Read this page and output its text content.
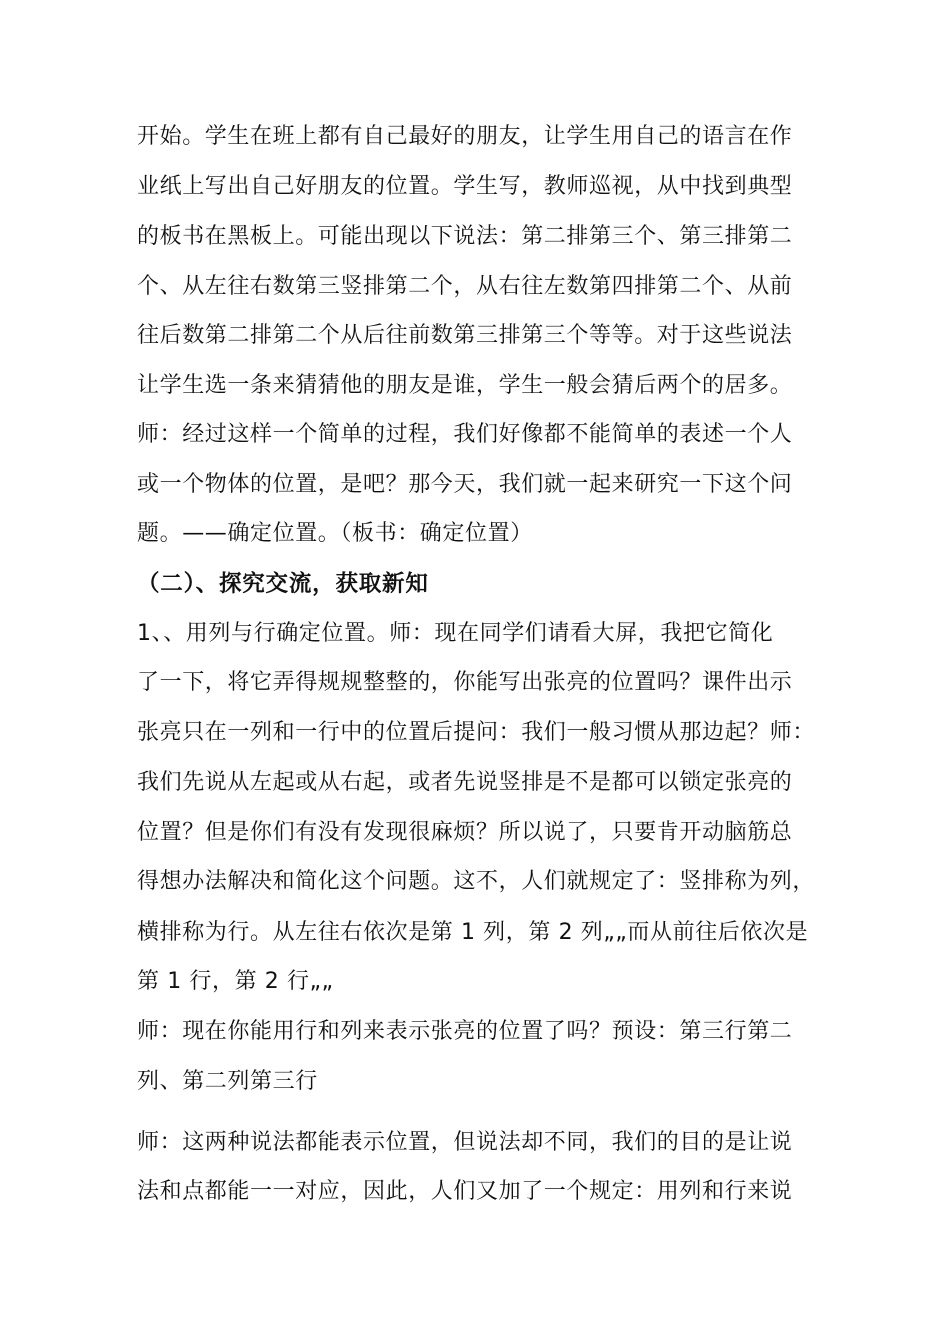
开始。学生在班上都有自己最好的朋友，让学生用自己的语言在作
业纸上写出自己好朋友的位置。学生写，教师巡视，从中找到典型
的板书在黑板上。可能出现以下说法：第二排第三个、第三排第二
个、从左往右数第三竖排第二个，从右往左数第四排第二个、从前
往后数第二排第二个从后往前数第三排第三个等等。对于这些说法
让学生选一条来猜猜他的朋友是谁，学生一般会猜后两个的居多。
师：经过这样一个简单的过程，我们好像都不能简单的表述一个人
或一个物体的位置，是吧？那今天，我们就一起来研究一下这个问
题。——确定位置。（板书：确定位置）
（二）、探究交流，获取新知
1、、用列与行确定位置。师：现在同学们请看大屏，我把它简化
了一下，将它弄得规规整整的，你能写出张亮的位置吗？课件出示
张亮只在一列和一行中的位置后提问：我们一般习惯从那边起？师：
我们先说从左起或从右起，或者先说竖排是不是都可以锁定张亮的
位置？但是你们有没有发现很麻烦？所以说了，只要肯开动脑筋总
得想办法解决和简化这个问题。这不，人们就规定了：竖排称为列，
横排称为行。从左往右依次是第 1 列，第 2 列„„而从前往后依次是
第 1 行，第 2 行„„
师：现在你能用行和列来表示张亮的位置了吗？预设：第三行第二
列、第二列第三行
师：这两种说法都能表示位置，但说法却不同，我们的目的是让说
法和点都能一一对应，因此，人们又加了一个规定：用列和行来说
